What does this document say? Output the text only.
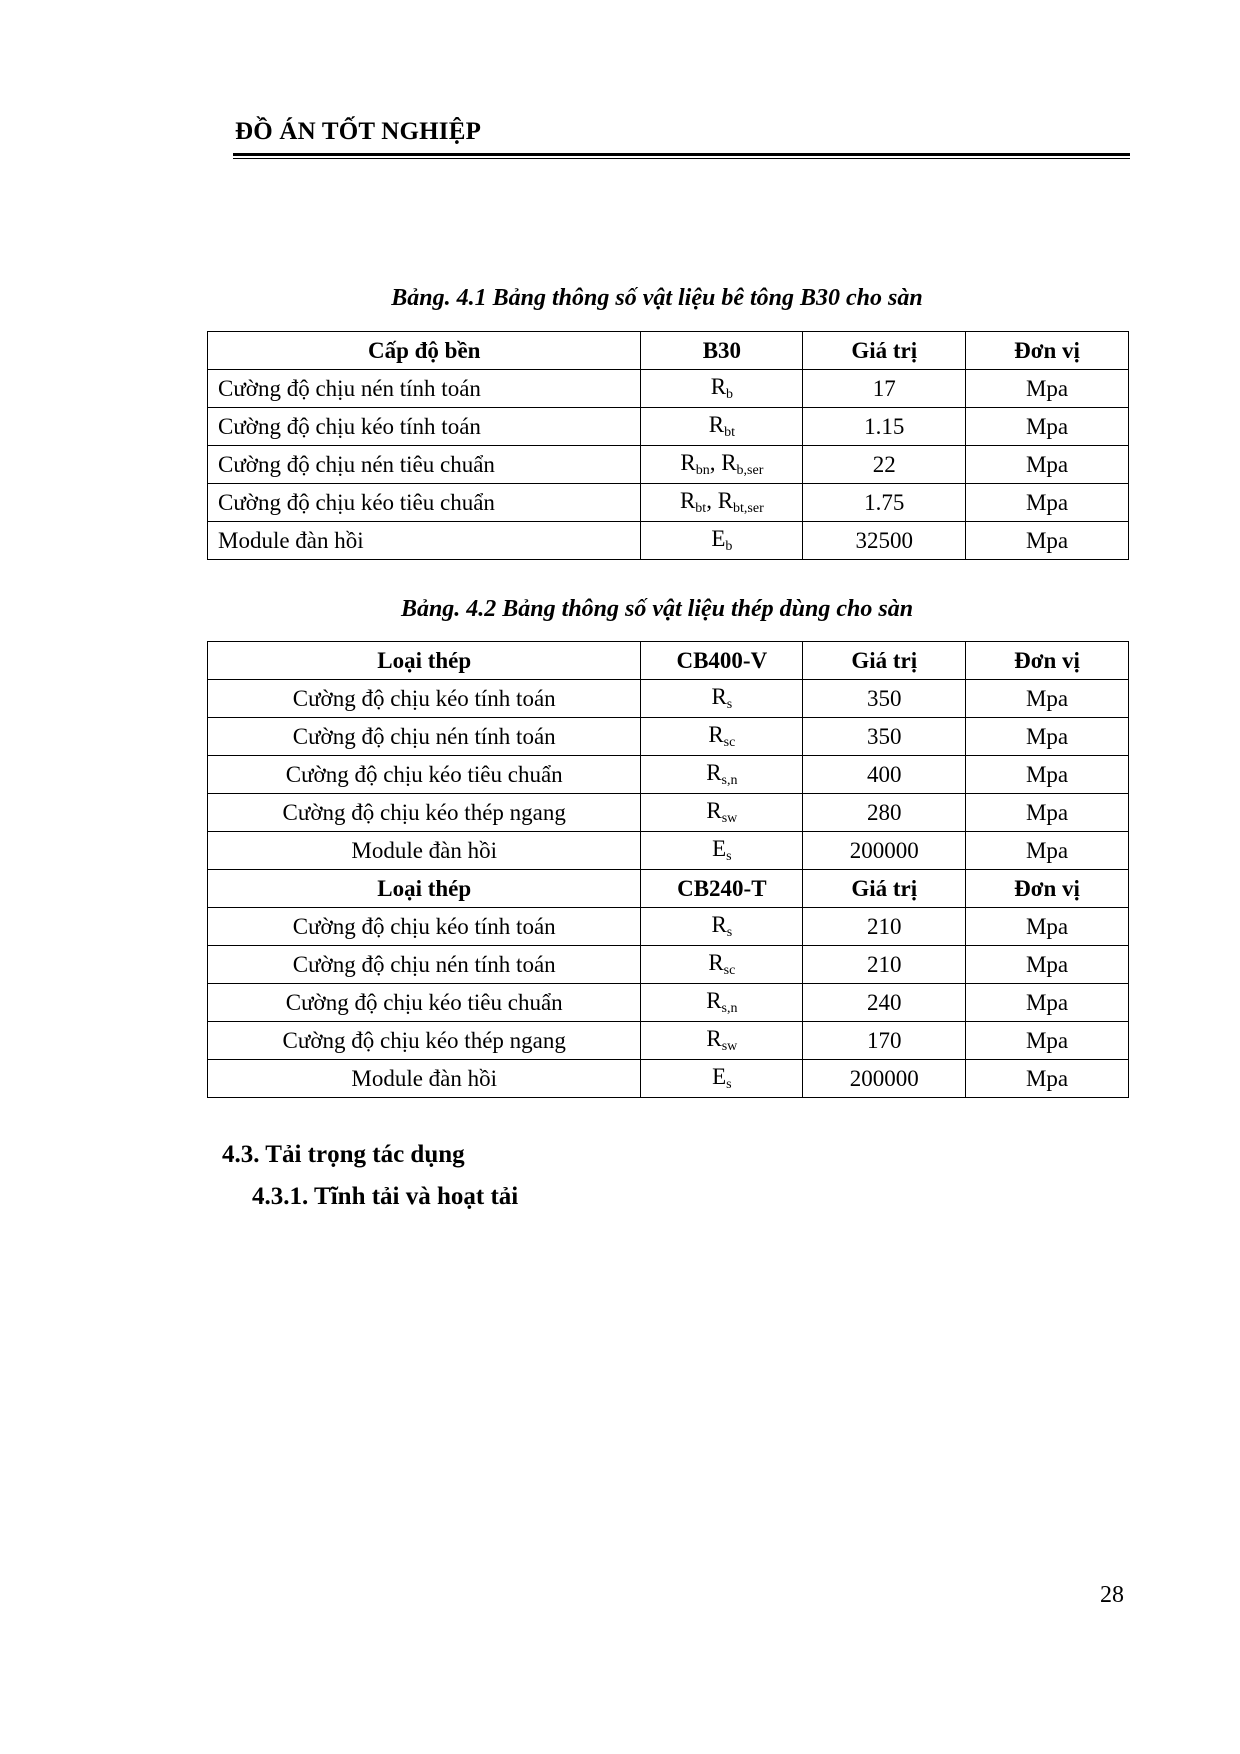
ĐỒ ÁN TỐT NGHIỆP
Bảng. 4.1 Bảng thông số vật liệu bê tông B30 cho sàn
Cấp độ bền	B30	Giá trị	Đơn vị
Cường độ chịu nén tính toán	$R_b$	17	Mpa
Cường độ chịu kéo tính toán	$R_{bt}$	1.15	Mpa
Cường độ chịu nén tiêu chuẩn	$R_{bn}$, $R_{b,ser}$	22	Mpa
Cường độ chịu kéo tiêu chuẩn	$R_{bt}$, $R_{bt,ser}$	1.75	Mpa
Module đàn hồi	$E_b$	32500	Mpa
Bảng. 4.2 Bảng thông số vật liệu thép dùng cho sàn
Loại thép	CB400-V	Giá trị	Đơn vị
Cường độ chịu kéo tính toán	$R_s$	350	Mpa
Cường độ chịu nén tính toán	$R_{sc}$	350	Mpa
Cường độ chịu kéo tiêu chuẩn	$R_{s,n}$	400	Mpa
Cường độ chịu kéo thép ngang	$R_{sw}$	280	Mpa
Module đàn hồi	$E_s$	200000	Mpa
Loại thép	CB240-T	Giá trị	Đơn vị
Cường độ chịu kéo tính toán	$R_s$	210	Mpa
Cường độ chịu nén tính toán	$R_{sc}$	210	Mpa
Cường độ chịu kéo tiêu chuẩn	$R_{s,n}$	240	Mpa
Cường độ chịu kéo thép ngang	$R_{sw}$	170	Mpa
Module đàn hồi	$E_s$	200000	Mpa
4.3. Tải trọng tác dụng
4.3.1. Tĩnh tải và hoạt tải
28
